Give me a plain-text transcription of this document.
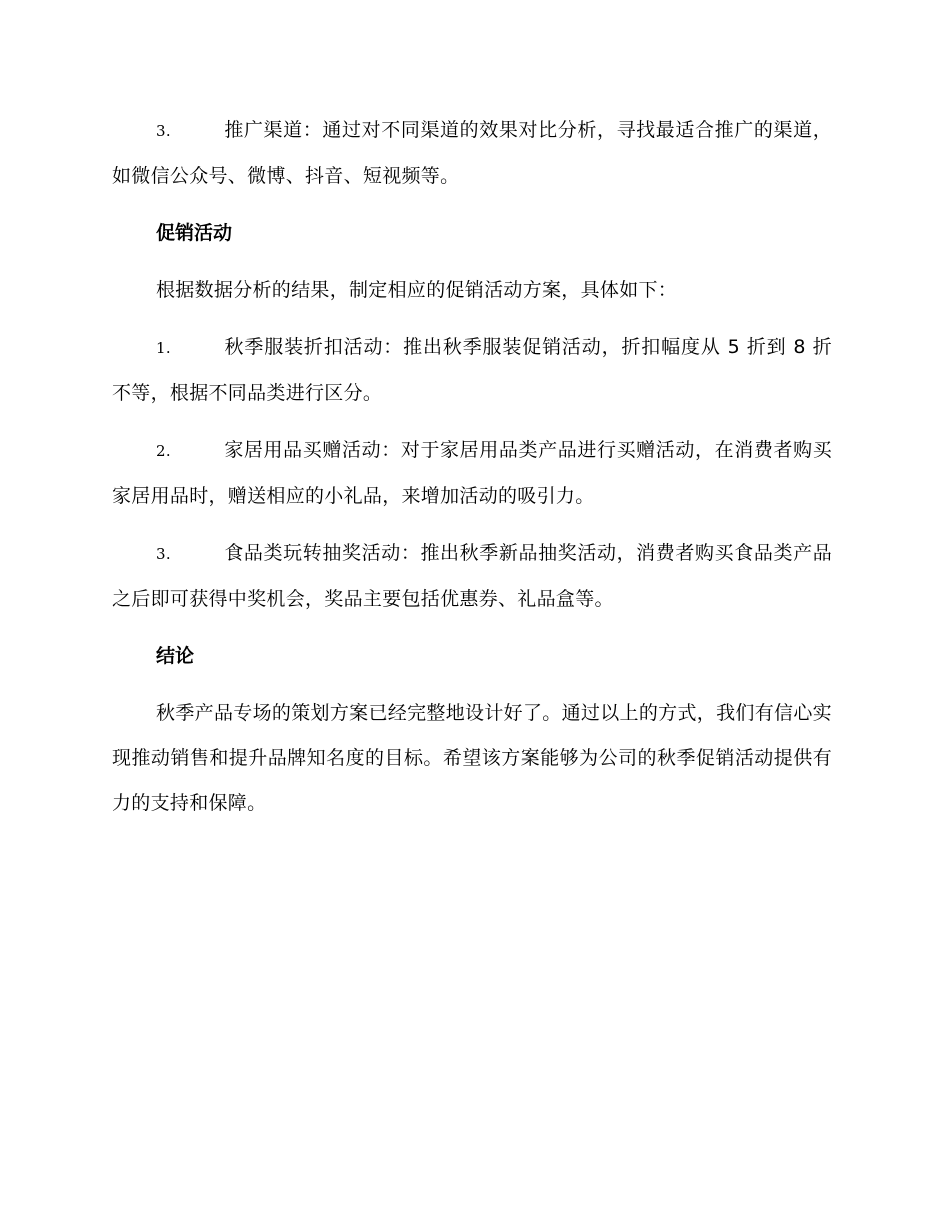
3.	推广渠道：通过对不同渠道的效果对比分析，寻找最适合推广的渠道，如微信公众号、微博、抖音、短视频等。

促销活动

根据数据分析的结果，制定相应的促销活动方案，具体如下：

1.	秋季服装折扣活动：推出秋季服装促销活动，折扣幅度从 5 折到 8 折不等，根据不同品类进行区分。

2.	家居用品买赠活动：对于家居用品类产品进行买赠活动，在消费者购买家居用品时，赠送相应的小礼品，来增加活动的吸引力。

3.	食品类玩转抽奖活动：推出秋季新品抽奖活动，消费者购买食品类产品之后即可获得中奖机会，奖品主要包括优惠券、礼品盒等。

结论

秋季产品专场的策划方案已经完整地设计好了。通过以上的方式，我们有信心实现推动销售和提升品牌知名度的目标。希望该方案能够为公司的秋季促销活动提供有力的支持和保障。
